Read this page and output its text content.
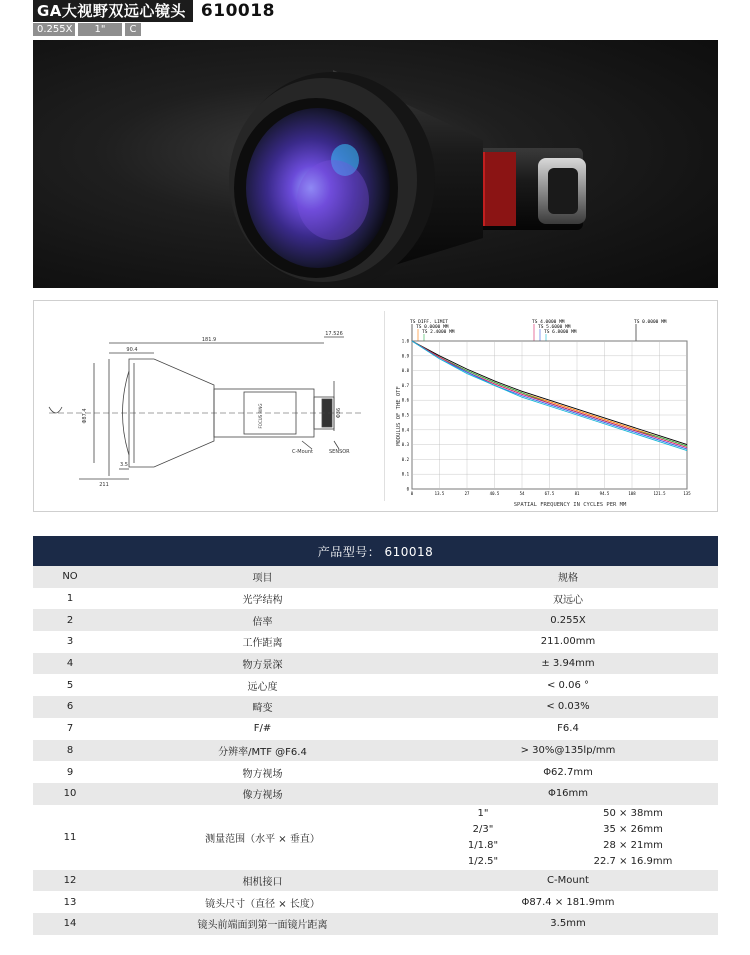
GA大视野双远心镜头 610018
0.255X	1"	C
181.9
90.4
17.526
Φ87.4
3.5
211
Φ36
C-Mount	SENSOR
FOCUS RING
TS DIFF. LIMIT
TS 0.0000 MM
TS 2.4000 MM
TS 4.0000 MM
TS 5.6000 MM
TS 6.8000 MM
TS 0.0000 MM
0	13.5	27	40.5	54	67.5	81	94.5	108	121.5	135
0
0.1
0.2
0.3
0.4
0.5
0.6
0.7
0.8
0.9
1.0
MODULUS OF THE OTF
SPATIAL FREQUENCY IN CYCLES PER MM
产品型号： 610018
NO	项目	规格
1	光学结构	双远心
2	倍率	0.255X
3	工作距离	211.00mm
4	物方景深	± 3.94mm
5	远心度	< 0.06 °
6	畸变	< 0.03%
7	F/#	F6.4
8	分辨率/MTF @F6.4	> 30%@135lp/mm
9	物方视场	Φ62.7mm
10	像方视场	Φ16mm
11	测量范围（水平 × 垂直）
1"	50 × 38mm
2/3"	35 × 26mm
1/1.8"	28 × 21mm
1/2.5"	22.7 × 16.9mm
12	相机接口	C-Mount
13	镜头尺寸（直径 × 长度）	Φ87.4 × 181.9mm
14	镜头前端面到第一面镜片距离	3.5mm
